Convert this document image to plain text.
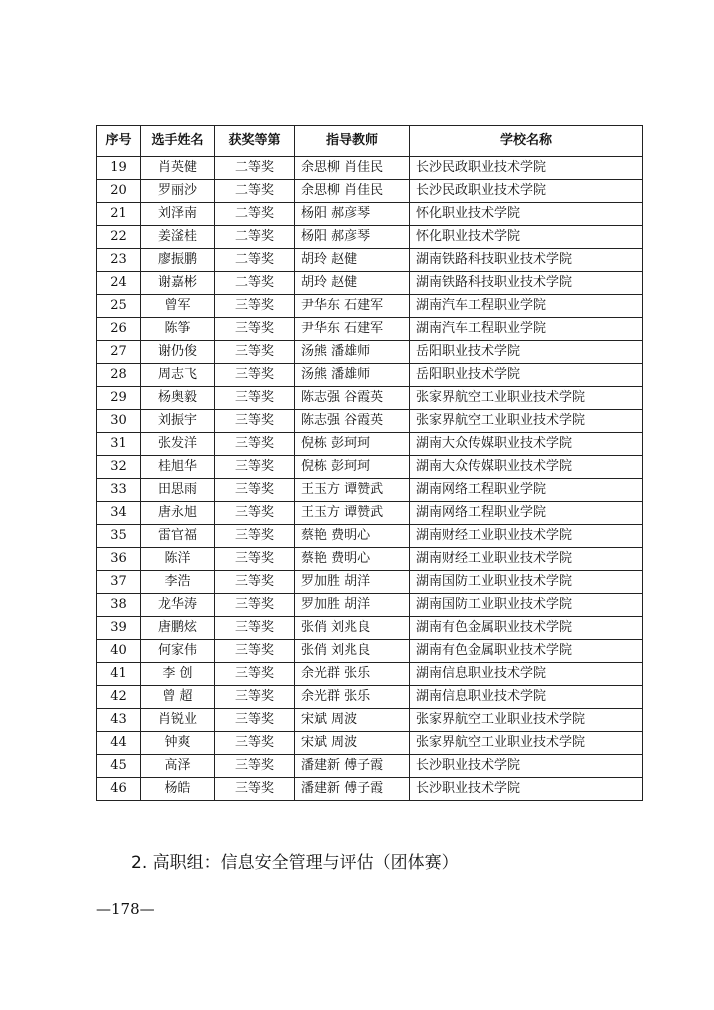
序号	选手姓名	获奖等第	指导教师	学校名称
19	肖英健	二等奖	余思柳 肖佳民	长沙民政职业技术学院
20	罗丽沙	二等奖	余思柳 肖佳民	长沙民政职业技术学院
21	刘泽南	二等奖	杨阳 郝彦琴	怀化职业技术学院
22	姜滏桂	二等奖	杨阳 郝彦琴	怀化职业技术学院
23	廖振鹏	二等奖	胡玲 赵健	湖南铁路科技职业技术学院
24	谢嘉彬	二等奖	胡玲 赵健	湖南铁路科技职业技术学院
25	曾军	三等奖	尹华东 石建军	湖南汽车工程职业学院
26	陈筝	三等奖	尹华东 石建军	湖南汽车工程职业学院
27	谢仍俊	三等奖	汤熊 潘雄师	岳阳职业技术学院
28	周志飞	三等奖	汤熊 潘雄师	岳阳职业技术学院
29	杨奥毅	三等奖	陈志强 谷霞英	张家界航空工业职业技术学院
30	刘振宇	三等奖	陈志强 谷霞英	张家界航空工业职业技术学院
31	张发洋	三等奖	倪栋 彭珂珂	湖南大众传媒职业技术学院
32	桂旭华	三等奖	倪栋 彭珂珂	湖南大众传媒职业技术学院
33	田思雨	三等奖	王玉方 谭赞武	湖南网络工程职业学院
34	唐永旭	三等奖	王玉方 谭赞武	湖南网络工程职业学院
35	雷官福	三等奖	蔡艳 费明心	湖南财经工业职业技术学院
36	陈洋	三等奖	蔡艳 费明心	湖南财经工业职业技术学院
37	李浩	三等奖	罗加胜 胡洋	湖南国防工业职业技术学院
38	龙华涛	三等奖	罗加胜 胡洋	湖南国防工业职业技术学院
39	唐鹏炫	三等奖	张俏 刘兆良	湖南有色金属职业技术学院
40	何家伟	三等奖	张俏 刘兆良	湖南有色金属职业技术学院
41	李 创	三等奖	余光群 张乐	湖南信息职业技术学院
42	曾 超	三等奖	余光群 张乐	湖南信息职业技术学院
43	肖锐业	三等奖	宋斌 周波	张家界航空工业职业技术学院
44	钟爽	三等奖	宋斌 周波	张家界航空工业职业技术学院
45	高泽	三等奖	潘建新 傅子霞	长沙职业技术学院
46	杨皓	三等奖	潘建新 傅子霞	长沙职业技术学院
2. 高职组：信息安全管理与评估（团体赛）
—178—
